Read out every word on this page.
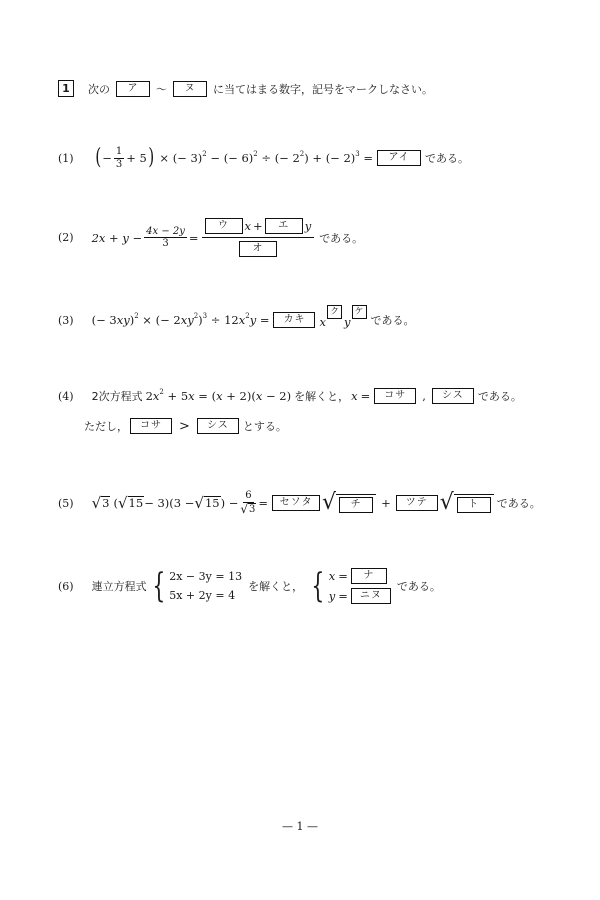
1 次の	ア	〜	ヌ	に当てはまる数字，記号をマークしなさい。
(1) ( − $\frac{1}{3} + 5$ ) × (− 3)$^2$ − (− 6)$^2$ ÷ (− $2^2$) + (− 2)$^3$ =	アイ	である。
(2) $2x + y - \frac{4x - 2y}{3}$ =
ウ	x +	エ	y
オ
である。
(3) (− 3xy)$^2$ × (− $2xy^2)^3 \div 12x^2y$ =	カキ	x
ク
y
ケ
である。
(4) 2次方程式 $2x^2 + 5x = (x + 2)(x - 2)$ を解くと， x =	コサ	,	シス	である。
ただし，	コサ	>	シス	とする。
(5) √ 3 ( √ 15 − 3)(3 − √ 15 ) − $\frac{6}{√ 3}$ =	セソタ √	チ	+	ツテ √	ト	である。
(6) 連立方程式 { 2x − 3y = 13
5x + 2y = 4
を解くと， { x =	ナ
y =	ニヌ
である。
— 1 —
